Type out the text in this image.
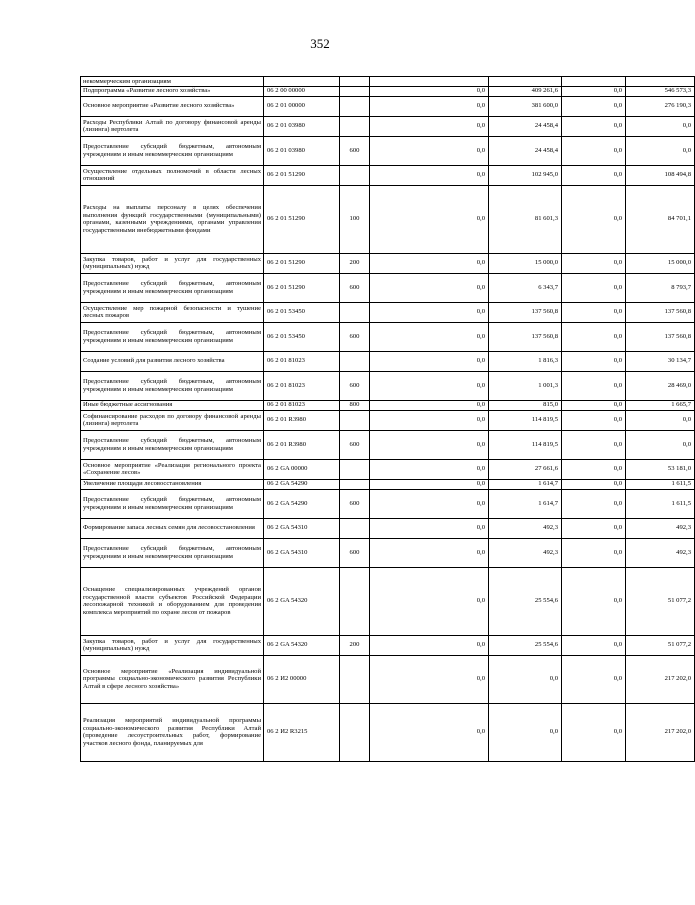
352
некоммерческим организациям						
Подпрограмма «Развитие лесного хозяйства»	06 2 00 00000		0,0	409 261,6	0,0	546 573,3
Основное мероприятие «Развитие лесного хозяйства»	06 2 01 00000		0,0	381 600,0	0,0	276 190,3
Расходы Республики Алтай по договору финансовой аренды (лизинга) вертолета	06 2 01 03980		0,0	24 458,4	0,0	0,0
Предоставление субсидий бюджетным, автономным учреждениям и иным некоммерческим организациям	06 2 01 03980	600	0,0	24 458,4	0,0	0,0
Осуществление отдельных полномочий в области лесных отношений	06 2 01 51290		0,0	102 945,0	0,0	108 494,8
Расходы на выплаты персоналу в целях обеспечения выполнения функций государственными (муниципальными) органами, казенными учреждениями, органами управления государственными внебюджетными фондами	06 2 01 51290	100	0,0	81 601,3	0,0	84 701,1
Закупка товаров, работ и услуг для государственных (муниципальных) нужд	06 2 01 51290	200	0,0	15 000,0	0,0	15 000,0
Предоставление субсидий бюджетным, автономным учреждениям и иным некоммерческим организациям	06 2 01 51290	600	0,0	6 343,7	0,0	8 793,7
Осуществление мер пожарной безопасности и тушение лесных пожаров	06 2 01 53450		0,0	137 560,8	0,0	137 560,8
Предоставление субсидий бюджетным, автономным учреждениям и иным некоммерческим организациям	06 2 01 53450	600	0,0	137 560,8	0,0	137 560,8
Создание условий для развития лесного хозяйства	06 2 01 81023		0,0	1 816,3	0,0	30 134,7
Предоставление субсидий бюджетным, автономным учреждениям и иным некоммерческим организациям	06 2 01 81023	600	0,0	1 001,3	0,0	28 469,0
Иные бюджетные ассигнования	06 2 01 81023	800	0,0	815,0	0,0	1 665,7
Софинансирование расходов по договору финансовой аренды (лизинга) вертолета	06 2 01 R3980		0,0	114 819,5	0,0	0,0
Предоставление субсидий бюджетным, автономным учреждениям и иным некоммерческим организациям	06 2 01 R3980	600	0,0	114 819,5	0,0	0,0
Основное мероприятие «Реализация регионального проекта «Сохранение лесов»	06 2 GA 00000		0,0	27 661,6	0,0	53 181,0
Увеличение площади лесовосстановления	06 2 GA 54290		0,0	1 614,7	0,0	1 611,5
Предоставление субсидий бюджетным, автономным учреждениям и иным некоммерческим организациям	06 2 GA 54290	600	0,0	1 614,7	0,0	1 611,5
Формирование запаса лесных семян для лесовосстановления	06 2 GA 54310		0,0	492,3	0,0	492,3
Предоставление субсидий бюджетным, автономным учреждениям и иным некоммерческим организациям	06 2 GA 54310	600	0,0	492,3	0,0	492,3
Оснащение специализированных учреждений органов государственной власти субъектов Российской Федерации лесопожарной техникой и оборудованием для проведения комплекса мероприятий по охране лесов от пожаров	06 2 GA 54320		0,0	25 554,6	0,0	51 077,2
Закупка товаров, работ и услуг для государственных (муниципальных) нужд	06 2 GA 54320	200	0,0	25 554,6	0,0	51 077,2
Основное мероприятие «Реализация индивидуальной программы социально-экономического развития Республики Алтай в сфере лесного хозяйства»	06 2 И2 00000		0,0	0,0	0,0	217 202,0
Реализация мероприятий индивидуальной программы социально-экономического развития Республики Алтай (проведение лесоустроительных работ, формирование участков лесного фонда, планируемых для	06 2 И2 R3215		0,0	0,0	0,0	217 202,0
